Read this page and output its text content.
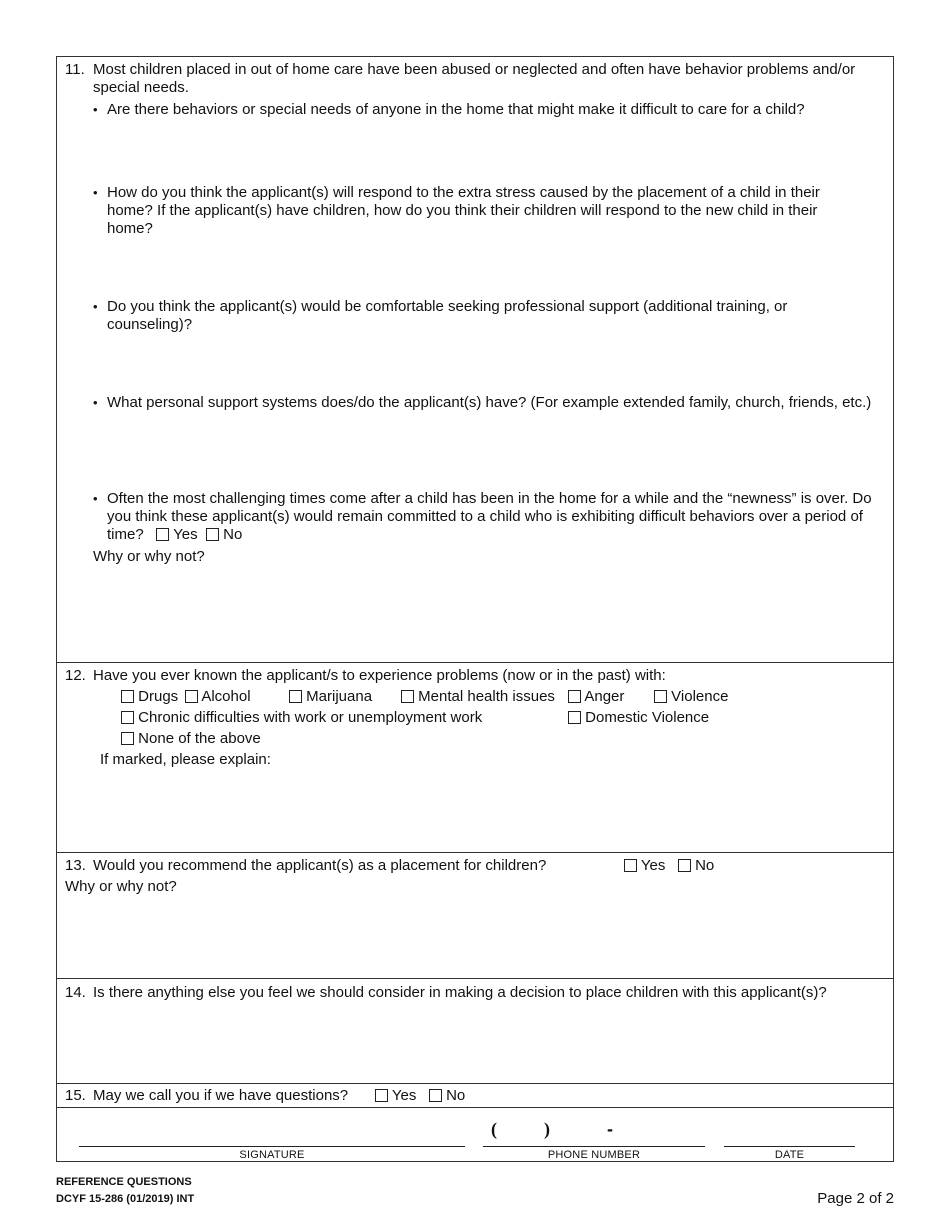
11. Most children placed in out of home care have been abused or neglected and often have behavior problems and/or special needs.
• Are there behaviors or special needs of anyone in the home that might make it difficult to care for a child?
• How do you think the applicant(s) will respond to the extra stress caused by the placement of a child in their home? If the applicant(s) have children, how do you think their children will respond to the new child in their home?
• Do you think the applicant(s) would be comfortable seeking professional support (additional training, or counseling)?
• What personal support systems does/do the applicant(s) have? (For example extended family, church, friends, etc.)
• Often the most challenging times come after a child has been in the home for a while and the “newness” is over. Do you think these applicant(s) would remain committed to a child who is exhibiting difficult behaviors over a period of time? Yes No
Why or why not?
12. Have you ever known the applicant/s to experience problems (now or in the past) with:
Drugs	Alcohol	Marijuana	Mental health issues	Anger	Violence
Chronic difficulties with work or unemployment work	Domestic Violence
None of the above
If marked, please explain:
13. Would you recommend the applicant(s) as a placement for children?	Yes No
Why or why not?
14. Is there anything else you feel we should consider in making a decision to place children with this applicant(s)?
15. May we call you if we have questions?	Yes No
SIGNATURE
(	)	-
PHONE NUMBER	DATE
REFERENCE QUESTIONS
DCYF 15-286 (01/2019) INT	Page 2 of 2
